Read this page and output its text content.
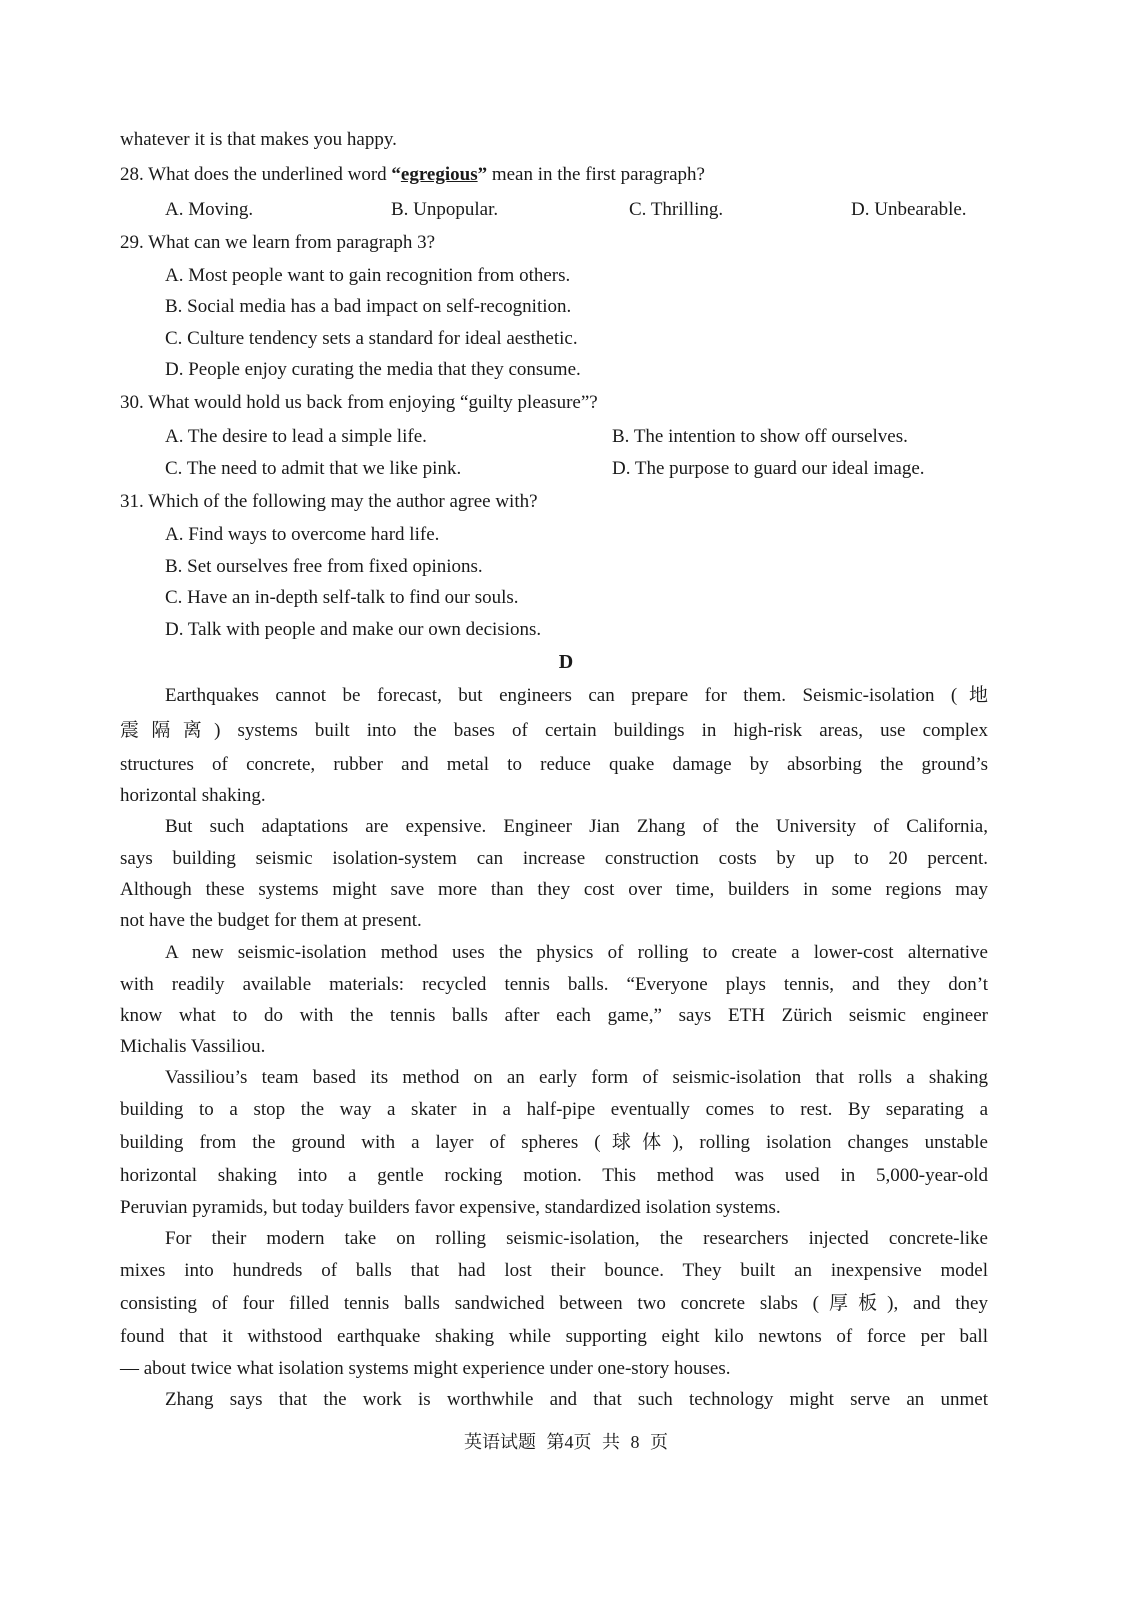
whatever it is that makes you happy.
28. What does the underlined word “egregious” mean in the first paragraph?
A. Moving.	B. Unpopular.	C. Thrilling.	D. Unbearable.
29. What can we learn from paragraph 3?
A. Most people want to gain recognition from others.
B. Social media has a bad impact on self-recognition.
C. Culture tendency sets a standard for ideal aesthetic.
D. People enjoy curating the media that they consume.
30. What would hold us back from enjoying “guilty pleasure”?
A. The desire to lead a simple life.	B. The intention to show off ourselves.
C. The need to admit that we like pink.	D. The purpose to guard our ideal image.
31. Which of the following may the author agree with?
A. Find ways to overcome hard life.
B. Set ourselves free from fixed opinions.
C. Have an in-depth self-talk to find our souls.
D. Talk with people and make our own decisions.
D
Earthquakes cannot be forecast, but engineers can prepare for them. Seismic-isolation (地
震隔离) systems built into the bases of certain buildings in high-risk areas, use complex
structures of concrete, rubber and metal to reduce quake damage by absorbing the ground’s
horizontal shaking.
But such adaptations are expensive. Engineer Jian Zhang of the University of California,
says building seismic isolation-system can increase construction costs by up to 20 percent.
Although these systems might save more than they cost over time, builders in some regions may
not have the budget for them at present.
A new seismic-isolation method uses the physics of rolling to create a lower-cost alternative
with readily available materials: recycled tennis balls. “Everyone plays tennis, and they don’t
know what to do with the tennis balls after each game,” says ETH Zürich seismic engineer
Michalis Vassiliou.
Vassiliou’s team based its method on an early form of seismic-isolation that rolls a shaking
building to a stop the way a skater in a half-pipe eventually comes to rest. By separating a
building from the ground with a layer of spheres (球体), rolling isolation changes unstable
horizontal shaking into a gentle rocking motion. This method was used in 5,000-year-old
Peruvian pyramids, but today builders favor expensive, standardized isolation systems.
For their modern take on rolling seismic-isolation, the researchers injected concrete-like
mixes into hundreds of balls that had lost their bounce. They built an inexpensive model
consisting of four filled tennis balls sandwiched between two concrete slabs (厚板), and they
found that it withstood earthquake shaking while supporting eight kilo newtons of force per ball
— about twice what isolation systems might experience under one-story houses.
Zhang says that the work is worthwhile and that such technology might serve an unmet
英语试题 第4页 共 8 页
